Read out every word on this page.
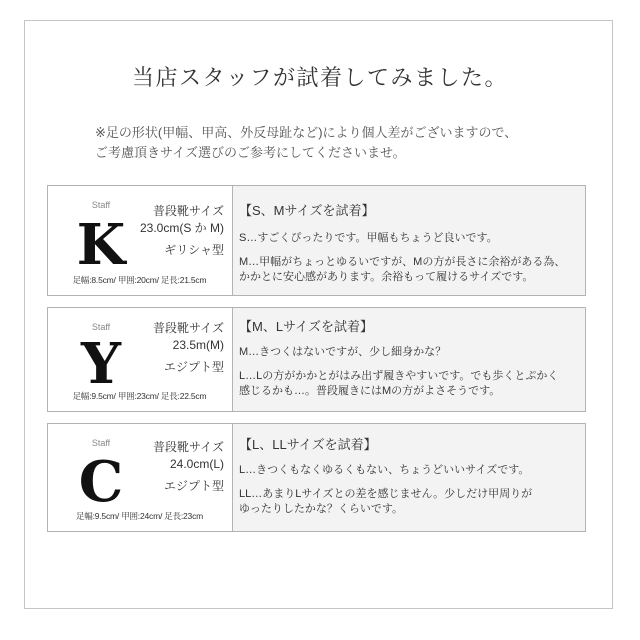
当店スタッフが試着してみました。
※足の形状(甲幅、甲高、外反母趾など)により個人差がございますので、
ご考慮頂きサイズ選びのご参考にしてくださいませ。
Staff
K
普段靴サイズ
23.0cm(S か M)
ギリシャ型
足幅:8.5cm/ 甲囲:20cm/ 足長:21.5cm
【S、Mサイズを試着】
S…すごくぴったりです。甲幅もちょうど良いです。
M…甲幅がちょっとゆるいですが、Mの方が長さに余裕がある為、
かかとに安心感があります。余裕もって履けるサイズです。
Staff
Y
普段靴サイズ
23.5m(M)
エジプト型
足幅:9.5cm/ 甲囲:23cm/ 足長:22.5cm
【M、Lサイズを試着】
M…きつくはないですが、少し細身かな？
L…Lの方がかかとがはみ出ず履きやすいです。でも歩くとぷかく
感じるかも…。普段履きにはMの方がよさそうです。
Staff
C
普段靴サイズ
24.0cm(L)
エジプト型
足幅:9.5cm/ 甲囲:24cm/ 足長:23cm
【L、LLサイズを試着】
L…きつくもなくゆるくもない、ちょうどいいサイズです。
LL…あまりLサイズとの差を感じません。少しだけ甲周りが
ゆったりしたかな？くらいです。
